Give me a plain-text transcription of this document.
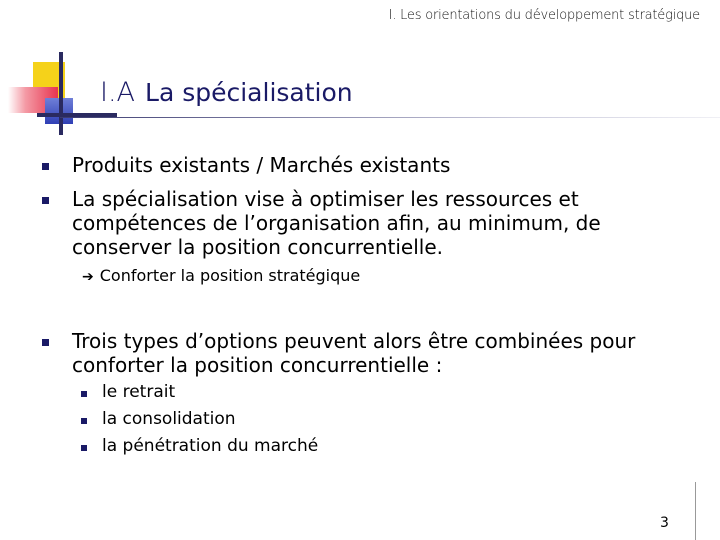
I. Les orientations du développement stratégique
I.A La spécialisation
Produits existants / Marchés existants
La spécialisation vise à optimiser les ressources et compétences de l’organisation afin, au minimum, de conserver la position concurrentielle.
➔ Conforter la position stratégique
Trois types d’options peuvent alors être combinées pour conforter la position concurrentielle :
le retrait
la consolidation
la pénétration du marché
3
